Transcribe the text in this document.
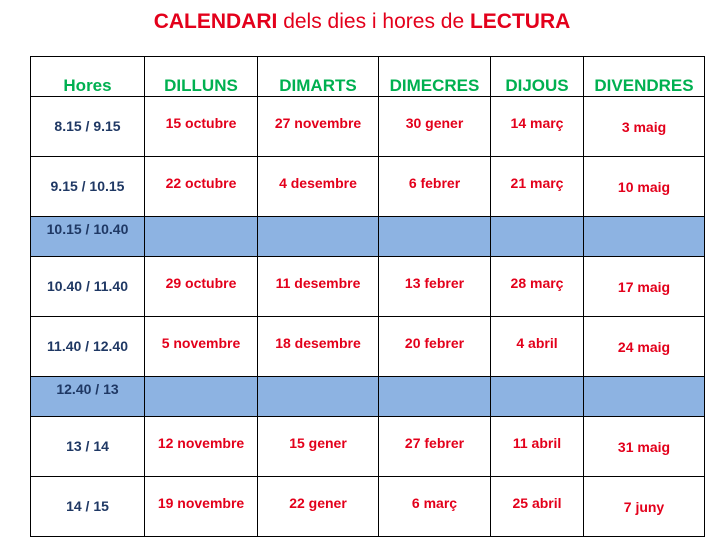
CALENDARI dels dies i hores de LECTURA
Hores	DILLUNS	DIMARTS	DIMECRES	DIJOUS	DIVENDRES

8.15 / 9.15	15 octubre	27 novembre	30 gener	14 març	3 maig

9.15 / 10.15	22 octubre	4 desembre	6 febrer	21 març	10 maig

10.15 / 10.40					

10.40 / 11.40	29 octubre	11 desembre	13 febrer	28 març	17 maig

11.40 / 12.40	5 novembre	18 desembre	20 febrer	4 abril	24 maig

12.40 / 13					

13 / 14	12 novembre	15 gener	27 febrer	11 abril	31 maig

14 / 15	19 novembre	22 gener	6 març	25 abril	7 juny
